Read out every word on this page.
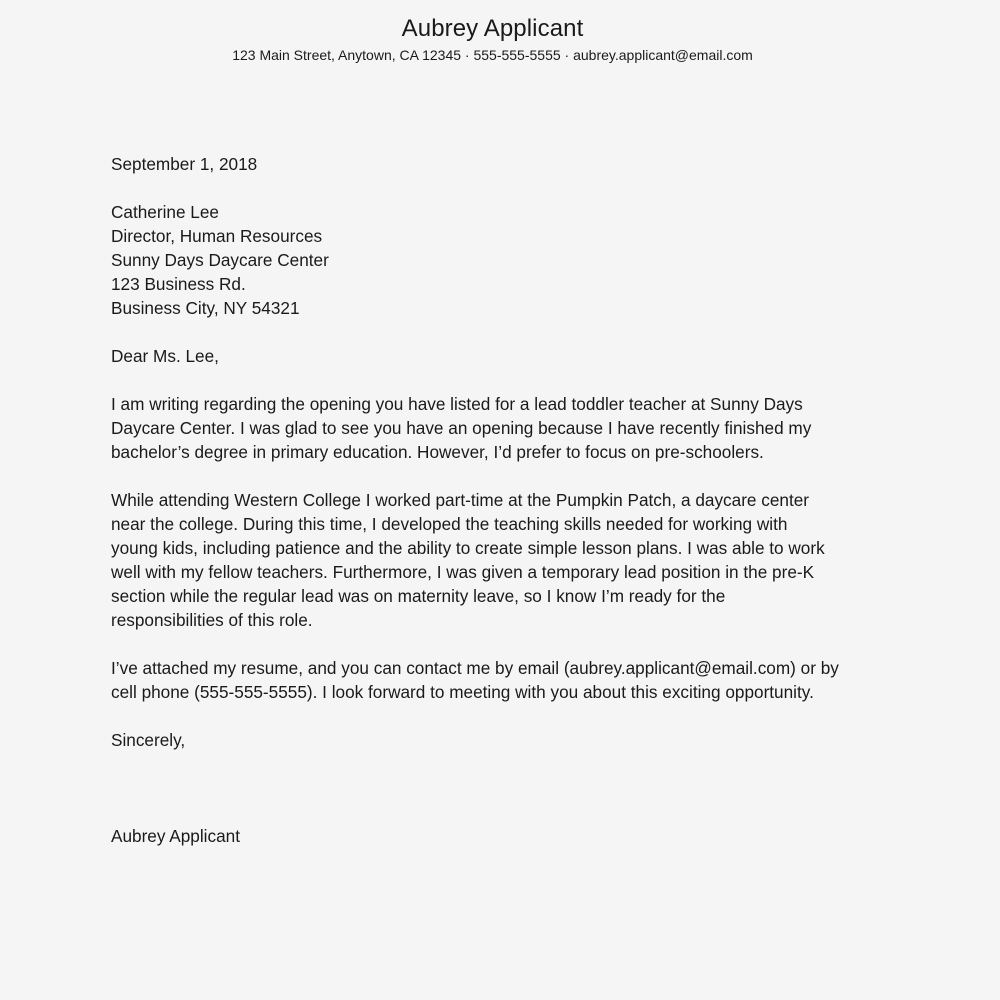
Aubrey Applicant
123 Main Street, Anytown, CA 12345 · 555-555-5555 · aubrey.applicant@email.com

September 1, 2018

Catherine Lee

Director, Human Resources

Sunny Days Daycare Center

123 Business Rd.

Business City, NY 54321

Dear Ms. Lee,

I am writing regarding the opening you have listed for a lead toddler teacher at Sunny Days

Daycare Center. I was glad to see you have an opening because I have recently finished my

bachelor’s degree in primary education. However, I’d prefer to focus on pre-schoolers.

While attending Western College I worked part-time at the Pumpkin Patch, a daycare center

near the college. During this time, I developed the teaching skills needed for working with

young kids, including patience and the ability to create simple lesson plans. I was able to work

well with my fellow teachers. Furthermore, I was given a temporary lead position in the pre-K

section while the regular lead was on maternity leave, so I know I’m ready for the

responsibilities of this role.

I’ve attached my resume, and you can contact me by email (aubrey.applicant@email.com) or by

cell phone (555-555-5555). I look forward to meeting with you about this exciting opportunity.

Sincerely,

Aubrey Applicant
